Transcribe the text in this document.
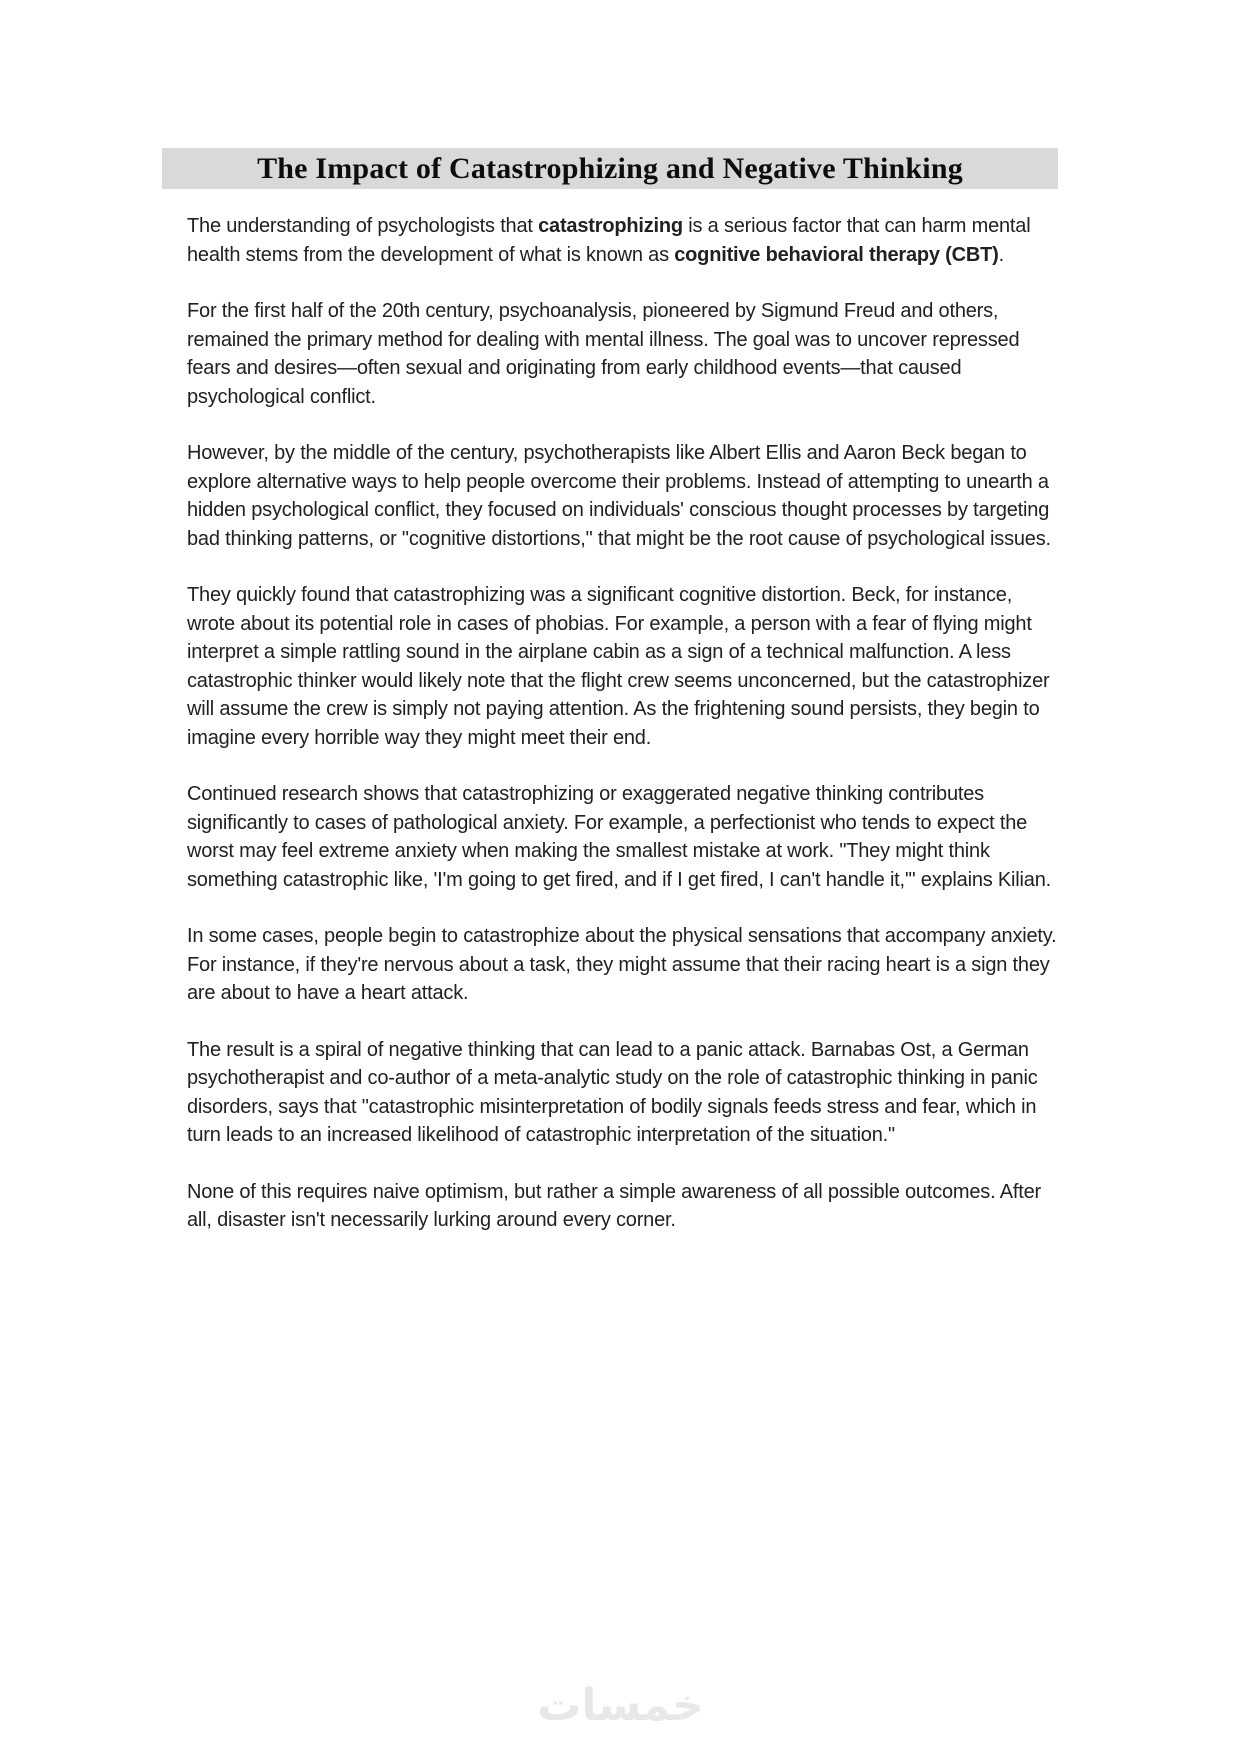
The Impact of Catastrophizing and Negative Thinking

The understanding of psychologists that catastrophizing is a serious factor that can harm mental health stems from the development of what is known as cognitive behavioral therapy (CBT).

For the first half of the 20th century, psychoanalysis, pioneered by Sigmund Freud and others, remained the primary method for dealing with mental illness. The goal was to uncover repressed fears and desires—often sexual and originating from early childhood events—that caused psychological conflict.

However, by the middle of the century, psychotherapists like Albert Ellis and Aaron Beck began to explore alternative ways to help people overcome their problems. Instead of attempting to unearth a hidden psychological conflict, they focused on individuals' conscious thought processes by targeting bad thinking patterns, or "cognitive distortions," that might be the root cause of psychological issues.

They quickly found that catastrophizing was a significant cognitive distortion. Beck, for instance, wrote about its potential role in cases of phobias. For example, a person with a fear of flying might interpret a simple rattling sound in the airplane cabin as a sign of a technical malfunction. A less catastrophic thinker would likely note that the flight crew seems unconcerned, but the catastrophizer will assume the crew is simply not paying attention. As the frightening sound persists, they begin to imagine every horrible way they might meet their end.

Continued research shows that catastrophizing or exaggerated negative thinking contributes significantly to cases of pathological anxiety. For example, a perfectionist who tends to expect the worst may feel extreme anxiety when making the smallest mistake at work. "They might think something catastrophic like, 'I'm going to get fired, and if I get fired, I can't handle it,'" explains Kilian.

In some cases, people begin to catastrophize about the physical sensations that accompany anxiety. For instance, if they're nervous about a task, they might assume that their racing heart is a sign they are about to have a heart attack.

The result is a spiral of negative thinking that can lead to a panic attack. Barnabas Ost, a German psychotherapist and co-author of a meta-analytic study on the role of catastrophic thinking in panic disorders, says that "catastrophic misinterpretation of bodily signals feeds stress and fear, which in turn leads to an increased likelihood of catastrophic interpretation of the situation."

None of this requires naive optimism, but rather a simple awareness of all possible outcomes. After all, disaster isn't necessarily lurking around every corner.

خمسات
